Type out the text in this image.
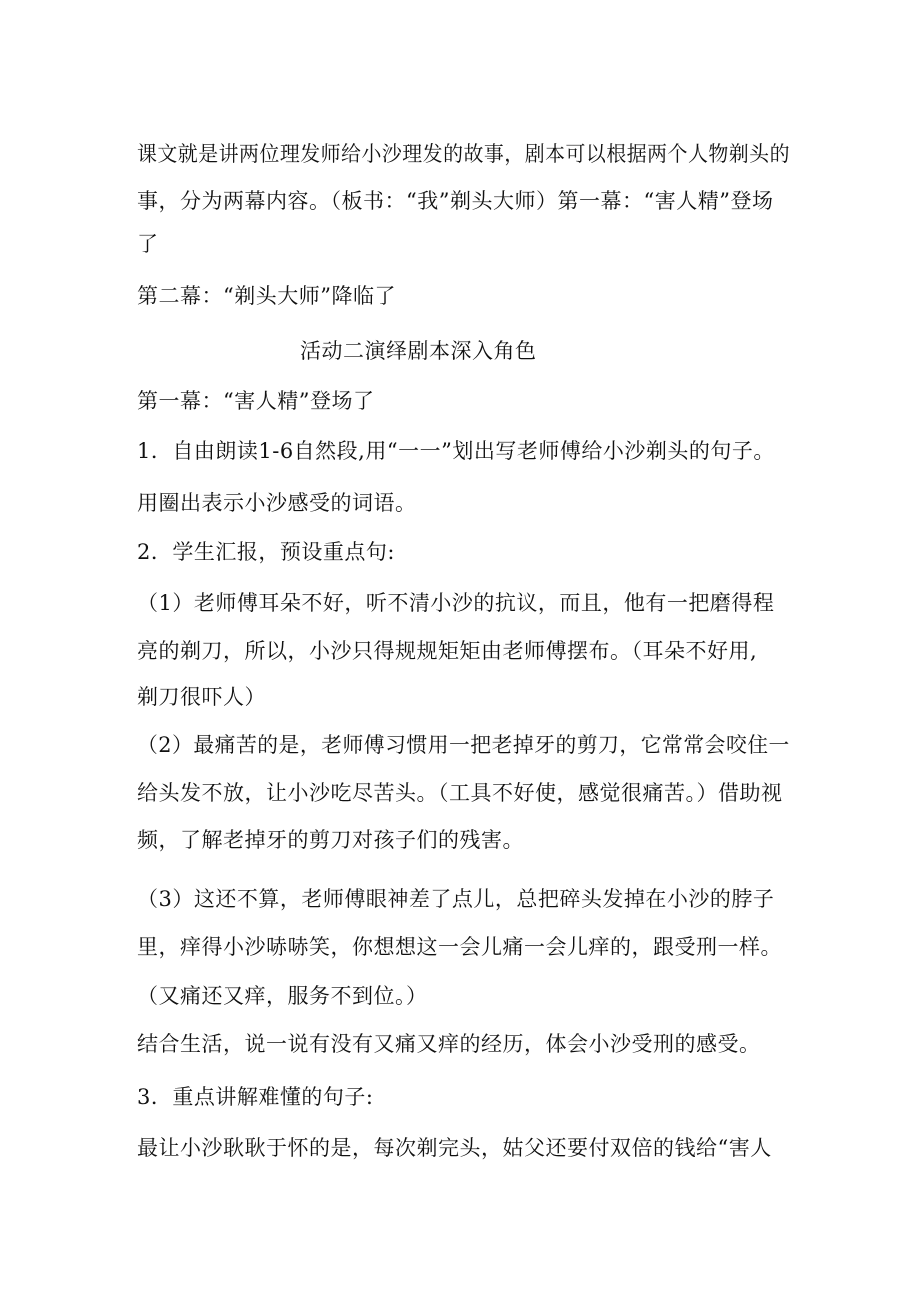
课文就是讲两位理发师给小沙理发的故事，剧本可以根据两个人物剃头的
事，分为两幕内容。（板书：“我”剃头大师）第一幕：“害人精”登场
了
第二幕：“剃头大师”降临了
活动二演绎剧本深入角色
第一幕：“害人精”登场了
1．自由朗读1-6自然段,用“一一”划出写老师傅给小沙剃头的句子。
用圈出表示小沙感受的词语。
2．学生汇报，预设重点句:
（1）老师傅耳朵不好，听不清小沙的抗议，而且，他有一把磨得程
亮的剃刀，所以，小沙只得规规矩矩由老师傅摆布。（耳朵不好用,
剃刀很吓人）
（2）最痛苦的是，老师傅习惯用一把老掉牙的剪刀，它常常会咬住一
给头发不放，让小沙吃尽苦头。（工具不好使，感觉很痛苦。）借助视
频，了解老掉牙的剪刀对孩子们的残害。
（3）这还不算，老师傅眼神差了点儿，总把碎头发掉在小沙的脖子
里，痒得小沙哧哧笑，你想想这一会儿痛一会儿痒的，跟受刑一样。
（又痛还又痒，服务不到位。）
结合生活，说一说有没有又痛又痒的经历，体会小沙受刑的感受。
3．重点讲解难懂的句子:
最让小沙耿耿于怀的是，每次剃完头，姑父还要付双倍的钱给“害人
